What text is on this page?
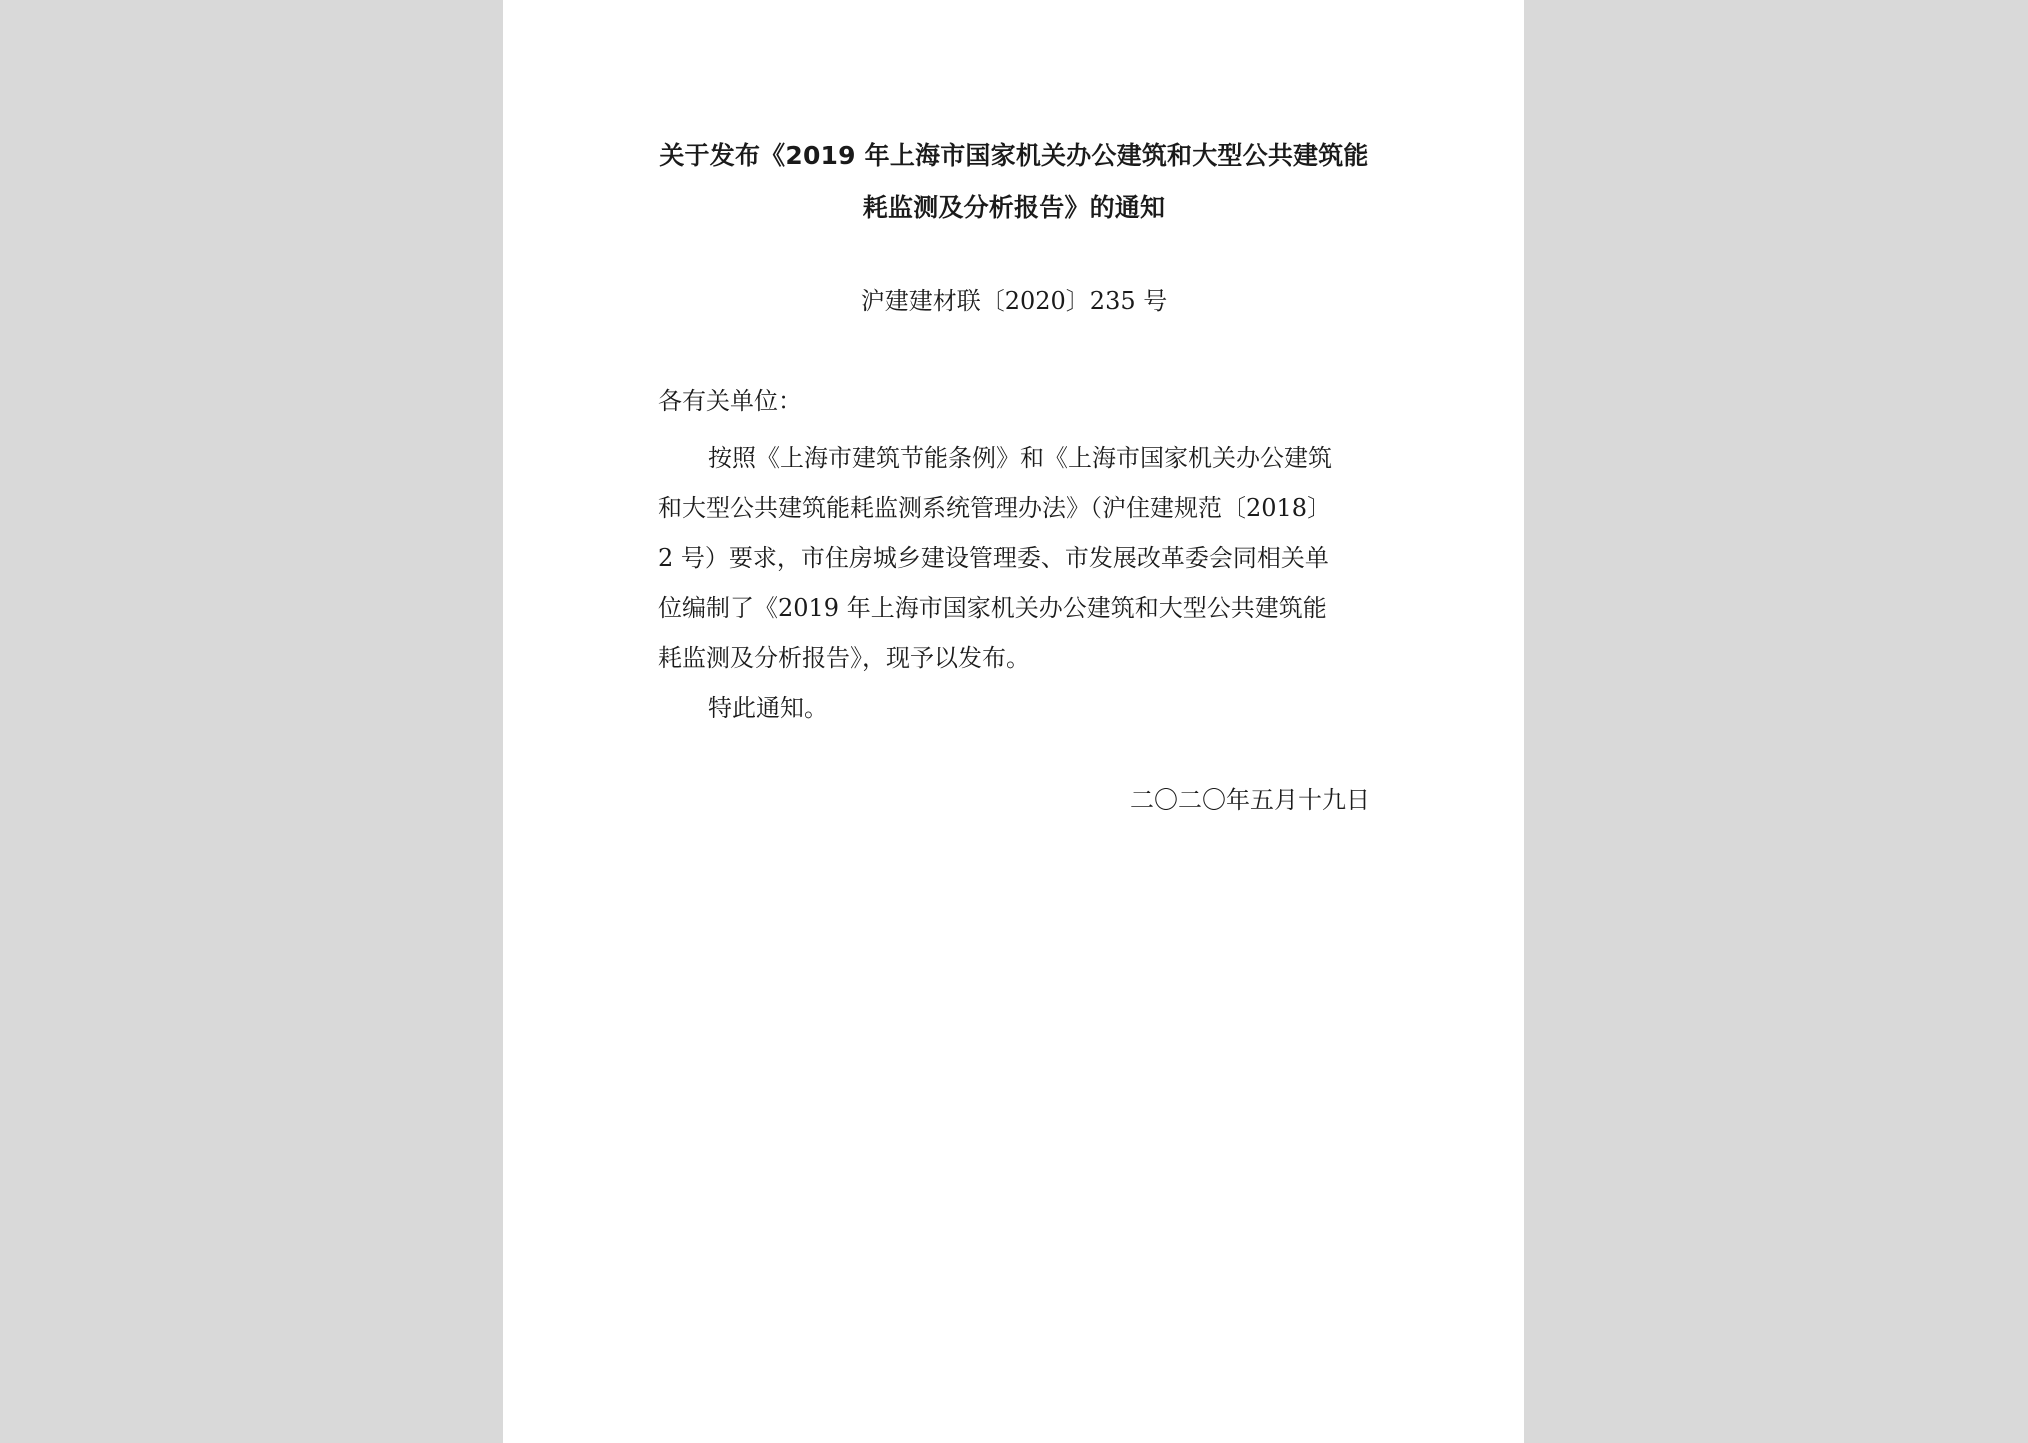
关于发布《2019 年上海市国家机关办公建筑和大型公共建筑能
耗监测及分析报告》的通知
沪建建材联〔2020〕235 号
各有关单位：
按照《上海市建筑节能条例》和《上海市国家机关办公建筑
和大型公共建筑能耗监测系统管理办法》（沪住建规范〔2018〕
2 号）要求，市住房城乡建设管理委、市发展改革委会同相关单
位编制了《2019 年上海市国家机关办公建筑和大型公共建筑能
耗监测及分析报告》，现予以发布。
特此通知。
二〇二〇年五月十九日
